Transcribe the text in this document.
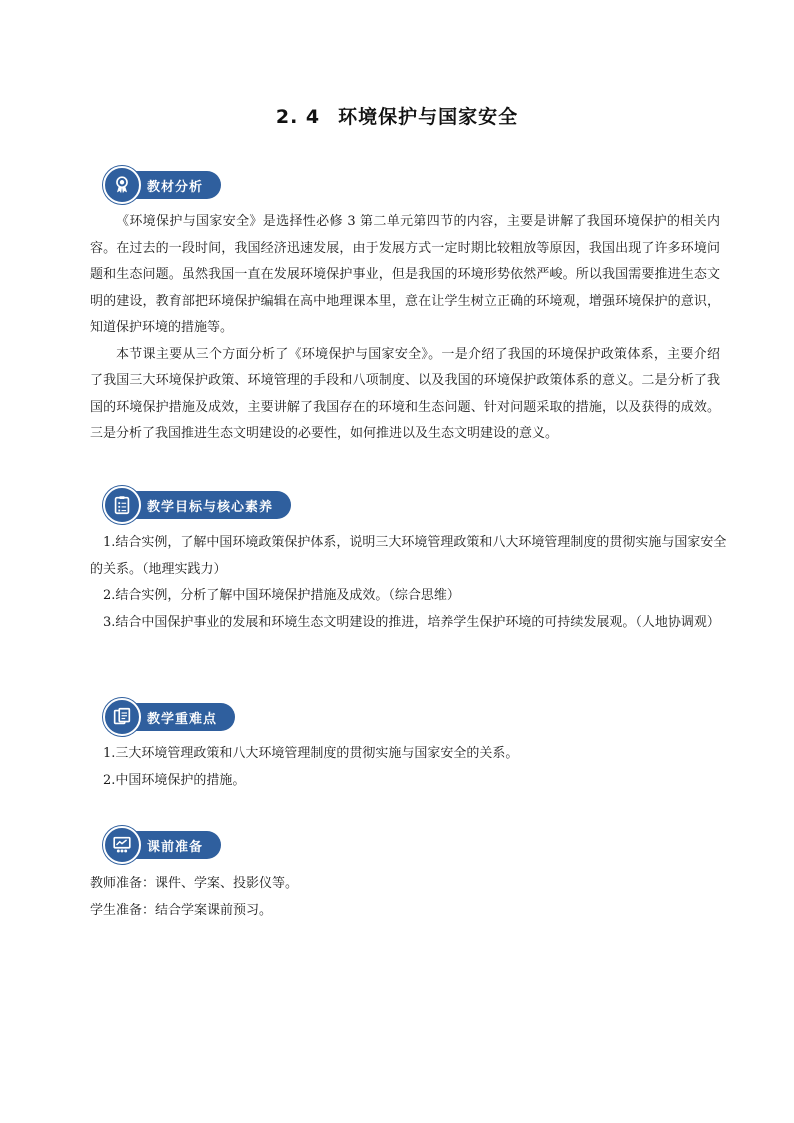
2. 4 环境保护与国家安全
教材分析

《环境保护与国家安全》是选择性必修 3 第二单元第四节的内容，主要是讲解了我国环境保护的相关内容。在过去的一段时间，我国经济迅速发展，由于发展方式一定时期比较粗放等原因，我国出现了许多环境问题和生态问题。虽然我国一直在发展环境保护事业，但是我国的环境形势依然严峻。所以我国需要推进生态文明的建设，教育部把环境保护编辑在高中地理课本里，意在让学生树立正确的环境观，增强环境保护的意识，知道保护环境的措施等。

本节课主要从三个方面分析了《环境保护与国家安全》。一是介绍了我国的环境保护政策体系，主要介绍了我国三大环境保护政策、环境管理的手段和八项制度、以及我国的环境保护政策体系的意义。二是分析了我国的环境保护措施及成效，主要讲解了我国存在的环境和生态问题、针对问题采取的措施，以及获得的成效。三是分析了我国推进生态文明建设的必要性，如何推进以及生态文明建设的意义。

教学目标与核心素养

1.结合实例，了解中国环境政策保护体系，说明三大环境管理政策和八大环境管理制度的贯彻实施与国家安全的关系。（地理实践力）

2.结合实例，分析了解中国环境保护措施及成效。（综合思维）

3.结合中国保护事业的发展和环境生态文明建设的推进，培养学生保护环境的可持续发展观。（人地协调观）

教学重难点

1.三大环境管理政策和八大环境管理制度的贯彻实施与国家安全的关系。

2.中国环境保护的措施。

课前准备

教师准备：课件、学案、投影仪等。

学生准备：结合学案课前预习。
